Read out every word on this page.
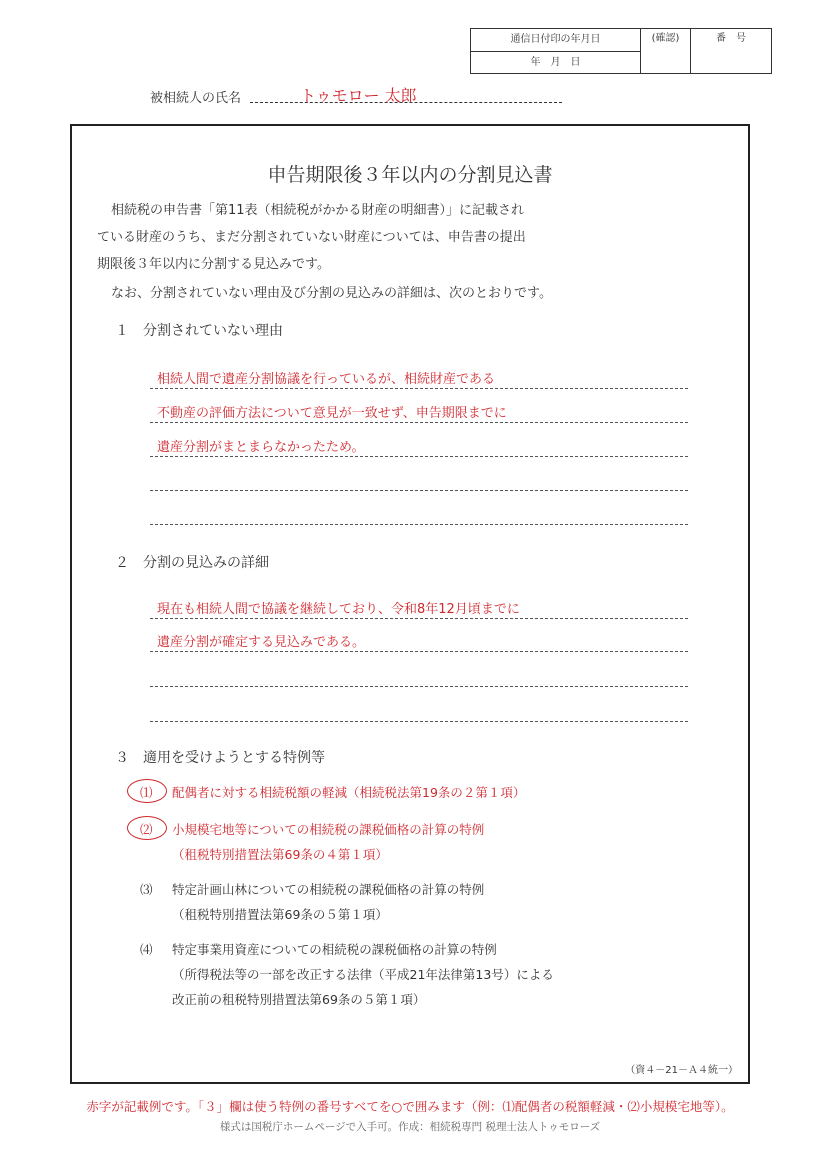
通信日付印の年月日
年　月　日
(確認)	番　号
被相続人の氏名	トゥモロー 太郎
申告期限後３年以内の分割見込書
相続税の申告書「第11表（相続税がかかる財産の明細書）」に記載され
ている財産のうち、まだ分割されていない財産については、申告書の提出
期限後３年以内に分割する見込みです。
なお、分割されていない理由及び分割の見込みの詳細は、次のとおりです。
１　分割されていない理由
相続人間で遺産分割協議を行っているが、相続財産である
不動産の評価方法について意見が一致せず、申告期限までに
遺産分割がまとまらなかったため。
２　分割の見込みの詳細
現在も相続人間で協議を継続しており、令和8年12月頃までに
遺産分割が確定する見込みである。
３　適用を受けようとする特例等
⑴ 配偶者に対する相続税額の軽減（相続税法第19条の２第１項）
⑵ 小規模宅地等についての相続税の課税価格の計算の特例
（租税特別措置法第69条の４第１項）
⑶ 特定計画山林についての相続税の課税価格の計算の特例
（租税特別措置法第69条の５第１項）
⑷ 特定事業用資産についての相続税の課税価格の計算の特例
（所得税法等の一部を改正する法律（平成21年法律第13号）による
改正前の租税特別措置法第69条の５第１項）
（資４－21－Ａ４統一）
赤字が記載例です。「３」欄は使う特例の番号すべてを○で囲みます（例：⑴配偶者の税額軽減・⑵小規模宅地等）。
様式は国税庁ホームページで入手可。作成：相続税専門 税理士法人トゥモローズ
